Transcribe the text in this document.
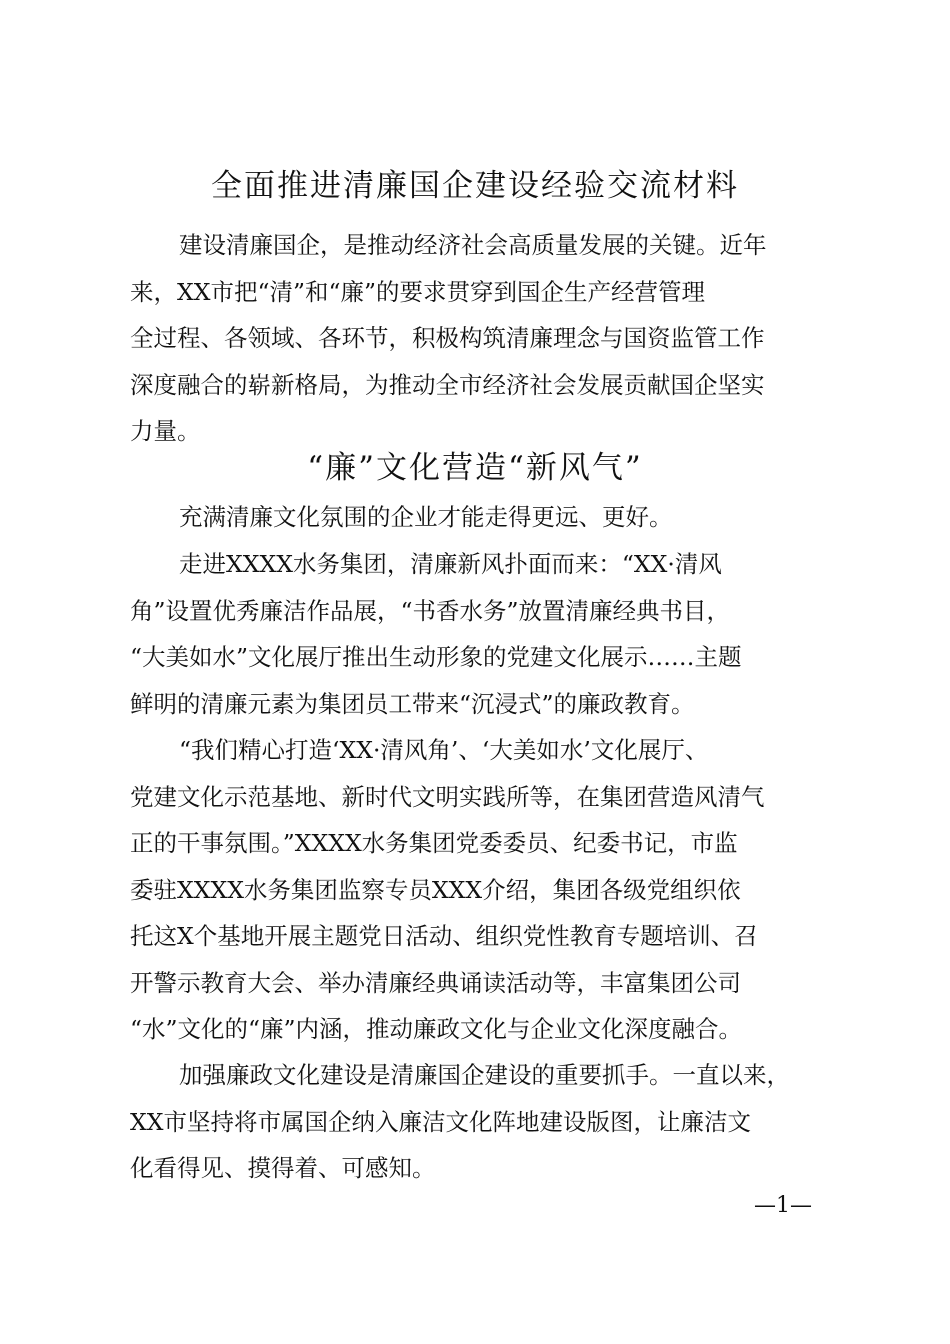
全面推进清廉国企建设经验交流材料
建设清廉国企，是推动经济社会高质量发展的关键。近年
来，XX市把“清”和“廉”的要求贯穿到国企生产经营管理
全过程、各领域、各环节，积极构筑清廉理念与国资监管工作
深度融合的崭新格局，为推动全市经济社会发展贡献国企坚实
力量。
“廉”文化营造“新风气”
充满清廉文化氛围的企业才能走得更远、更好。
走进XXXX水务集团，清廉新风扑面而来：“XX·清风
角”设置优秀廉洁作品展，“书香水务”放置清廉经典书目，
“大美如水”文化展厅推出生动形象的党建文化展示……主题
鲜明的清廉元素为集团员工带来“沉浸式”的廉政教育。
“我们精心打造‘XX·清风角’、‘大美如水’文化展厅、
党建文化示范基地、新时代文明实践所等，在集团营造风清气
正的干事氛围。”XXXX水务集团党委委员、纪委书记，市监
委驻XXXX水务集团监察专员XXX介绍，集团各级党组织依
托这X个基地开展主题党日活动、组织党性教育专题培训、召
开警示教育大会、举办清廉经典诵读活动等，丰富集团公司
“水”文化的“廉”内涵，推动廉政文化与企业文化深度融合。
加强廉政文化建设是清廉国企建设的重要抓手。一直以来，
XX市坚持将市属国企纳入廉洁文化阵地建设版图，让廉洁文
化看得见、摸得着、可感知。
—1—
